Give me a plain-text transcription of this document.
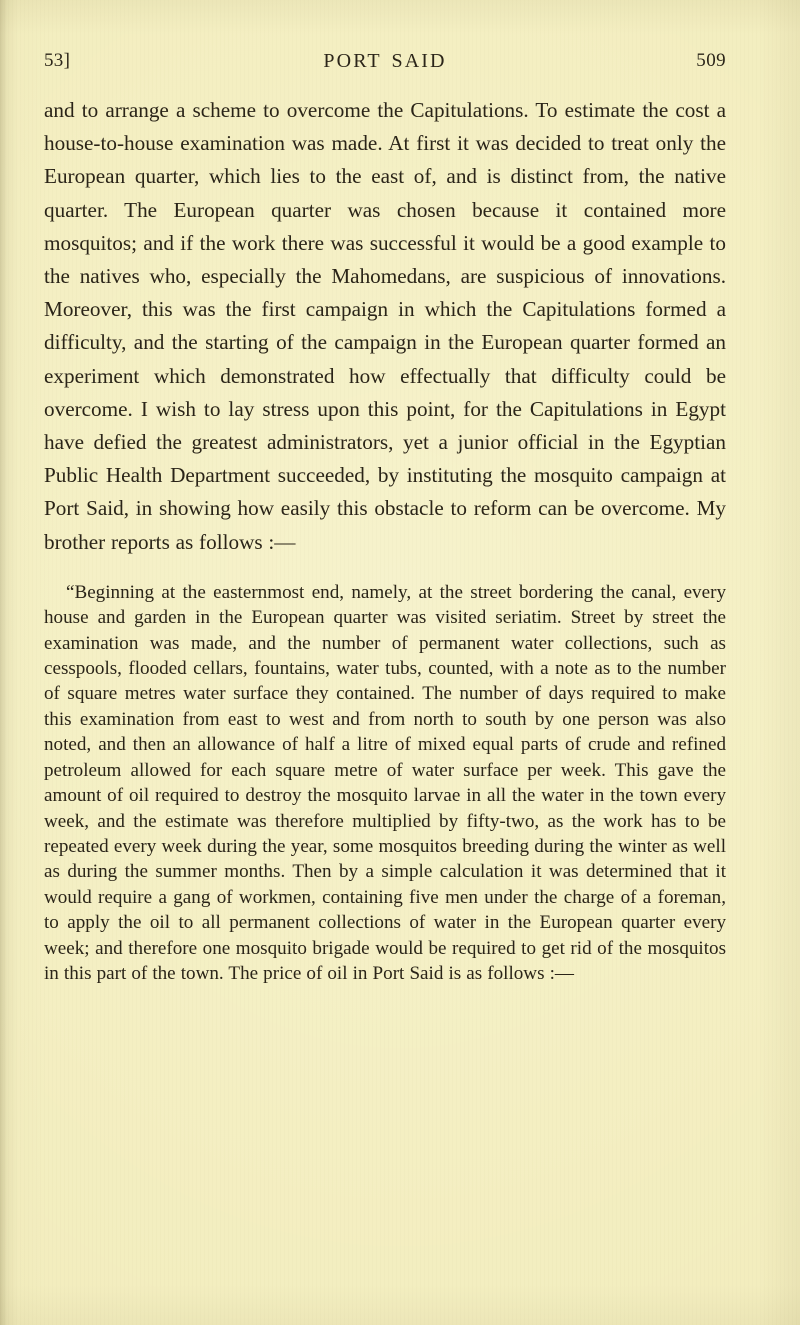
53]	PORT SAID	509

and to arrange a scheme to overcome the Capitulations. To estimate the cost a house-to-house examination was made. At first it was decided to treat only the European quarter, which lies to the east of, and is distinct from, the native quarter. The European quarter was chosen because it contained more mosquitos; and if the work there was successful it would be a good example to the natives who, especially the Mahomedans, are suspicious of innovations. Moreover, this was the first campaign in which the Capitulations formed a difficulty, and the starting of the campaign in the European quarter formed an experiment which demonstrated how effectually that difficulty could be overcome. I wish to lay stress upon this point, for the Capitulations in Egypt have defied the greatest administrators, yet a junior official in the Egyptian Public Health Department succeeded, by instituting the mosquito campaign at Port Said, in showing how easily this obstacle to reform can be overcome. My brother reports as follows :—

“Beginning at the easternmost end, namely, at the street bordering the canal, every house and garden in the European quarter was visited seriatim. Street by street the examination was made, and the number of permanent water collections, such as cesspools, flooded cellars, fountains, water tubs, counted, with a note as to the number of square metres water surface they contained. The number of days required to make this examination from east to west and from north to south by one person was also noted, and then an allowance of half a litre of mixed equal parts of crude and refined petroleum allowed for each square metre of water surface per week. This gave the amount of oil required to destroy the mosquito larvae in all the water in the town every week, and the estimate was therefore multiplied by fifty-two, as the work has to be repeated every week during the year, some mosquitos breeding during the winter as well as during the summer months. Then by a simple calculation it was determined that it would require a gang of workmen, containing five men under the charge of a foreman, to apply the oil to all permanent collections of water in the European quarter every week; and therefore one mosquito brigade would be required to get rid of the mosquitos in this part of the town. The price of oil in Port Said is as follows :—
